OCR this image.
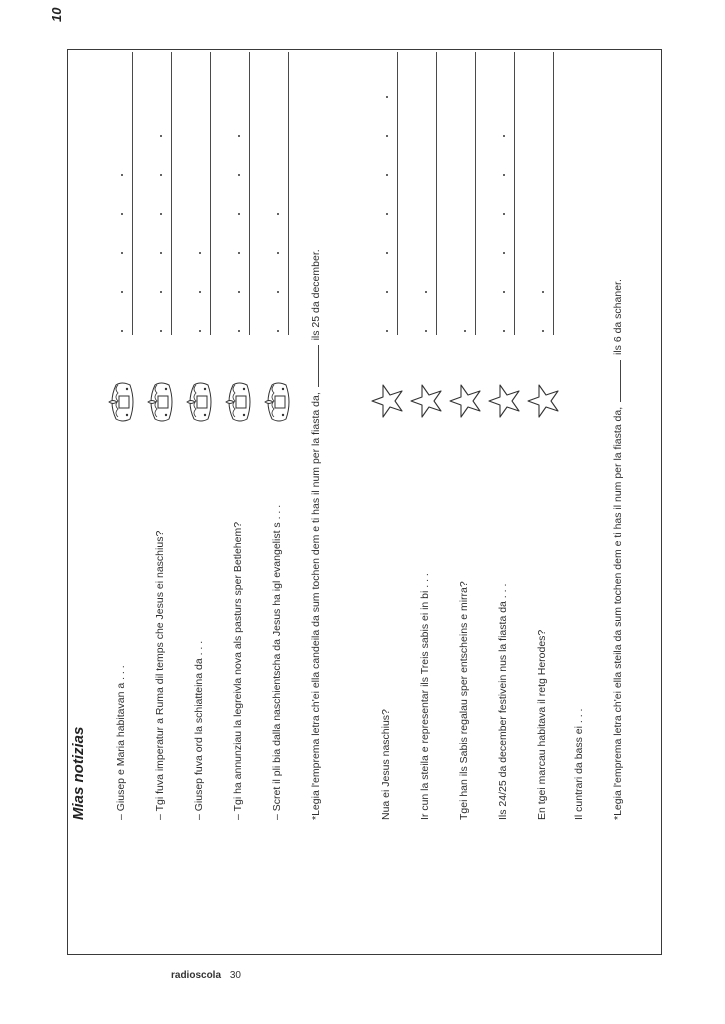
Mias notizias
10
– Giusep e Maria habitavan a . . .	– Tgi fuva imperatur a Ruma dil temps che Jesus ei naschius?	– Giusep fuva ord la schiatteina da . . .	– Tgi ha annunziau la legreivla nova als pasturs sper Betlehem?	– Scret il pli bia dalla naschientscha da Jesus ha igl evangelist s . . .	*Legia l'emprema letra ch'ei ella candeila da sum tochen dem e ti has il num per la fiasta da,  ils 25 da december.
Nua ei Jesus naschius?	Ir cun la steila e representar ils Treis sabis ei in bi . . .	Tgei han ils Sabis regalau sper entscheins e mirra?	Ils 24/25 da december festivein nus la fiasta da . . .	En tgei marcau habitava il retg Herodes? Il cuntrari da bass ei . . .	*Legia l'emprema letra ch'ei ella steila da sum tochen dem e ti has il num per la fiasta da,  ils 6 da schaner.
radioscola 30
